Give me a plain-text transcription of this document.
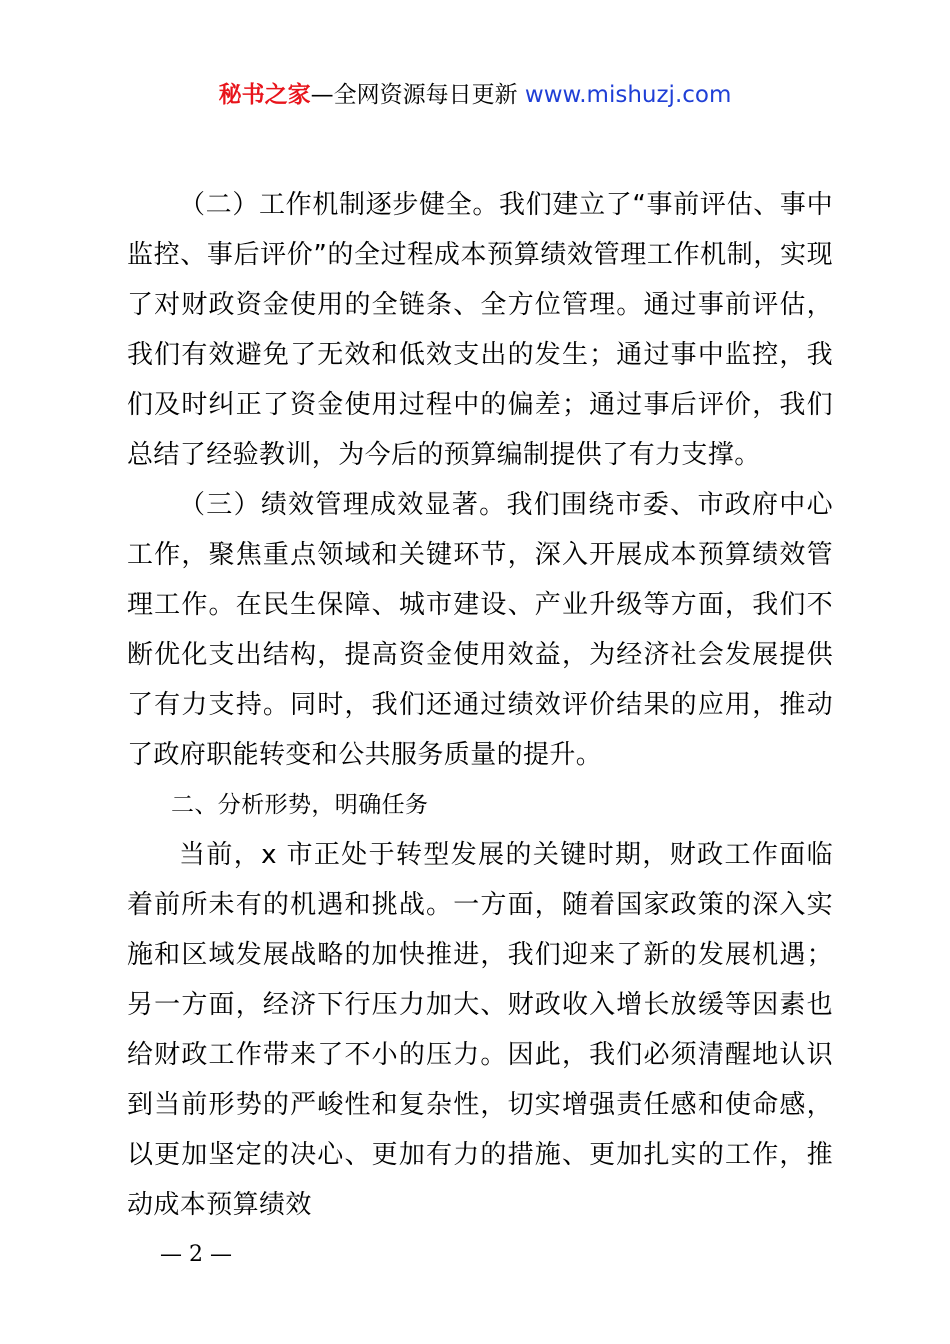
秘书之家—全网资源每日更新 www.mishuzj.com

（二）工作机制逐步健全。我们建立了“事前评估、事中监控、事后评价”的全过程成本预算绩效管理工作机制，实现了对财政资金使用的全链条、全方位管理。通过事前评估，我们有效避免了无效和低效支出的发生；通过事中监控，我们及时纠正了资金使用过程中的偏差；通过事后评价，我们总结了经验教训，为今后的预算编制提供了有力支撑。

（三）绩效管理成效显著。我们围绕市委、市政府中心工作，聚焦重点领域和关键环节，深入开展成本预算绩效管理工作。在民生保障、城市建设、产业升级等方面，我们不断优化支出结构，提高资金使用效益，为经济社会发展提供了有力支持。同时，我们还通过绩效评价结果的应用，推动了政府职能转变和公共服务质量的提升。

二、分析形势，明确任务

当前，x 市正处于转型发展的关键时期，财政工作面临着前所未有的机遇和挑战。一方面，随着国家政策的深入实施和区域发展战略的加快推进，我们迎来了新的发展机遇；另一方面，经济下行压力加大、财政收入增长放缓等因素也给财政工作带来了不小的压力。因此，我们必须清醒地认识到当前形势的严峻性和复杂性，切实增强责任感和使命感，以更加坚定的决心、更加有力的措施、更加扎实的工作，推动成本预算绩效

— 2 —
